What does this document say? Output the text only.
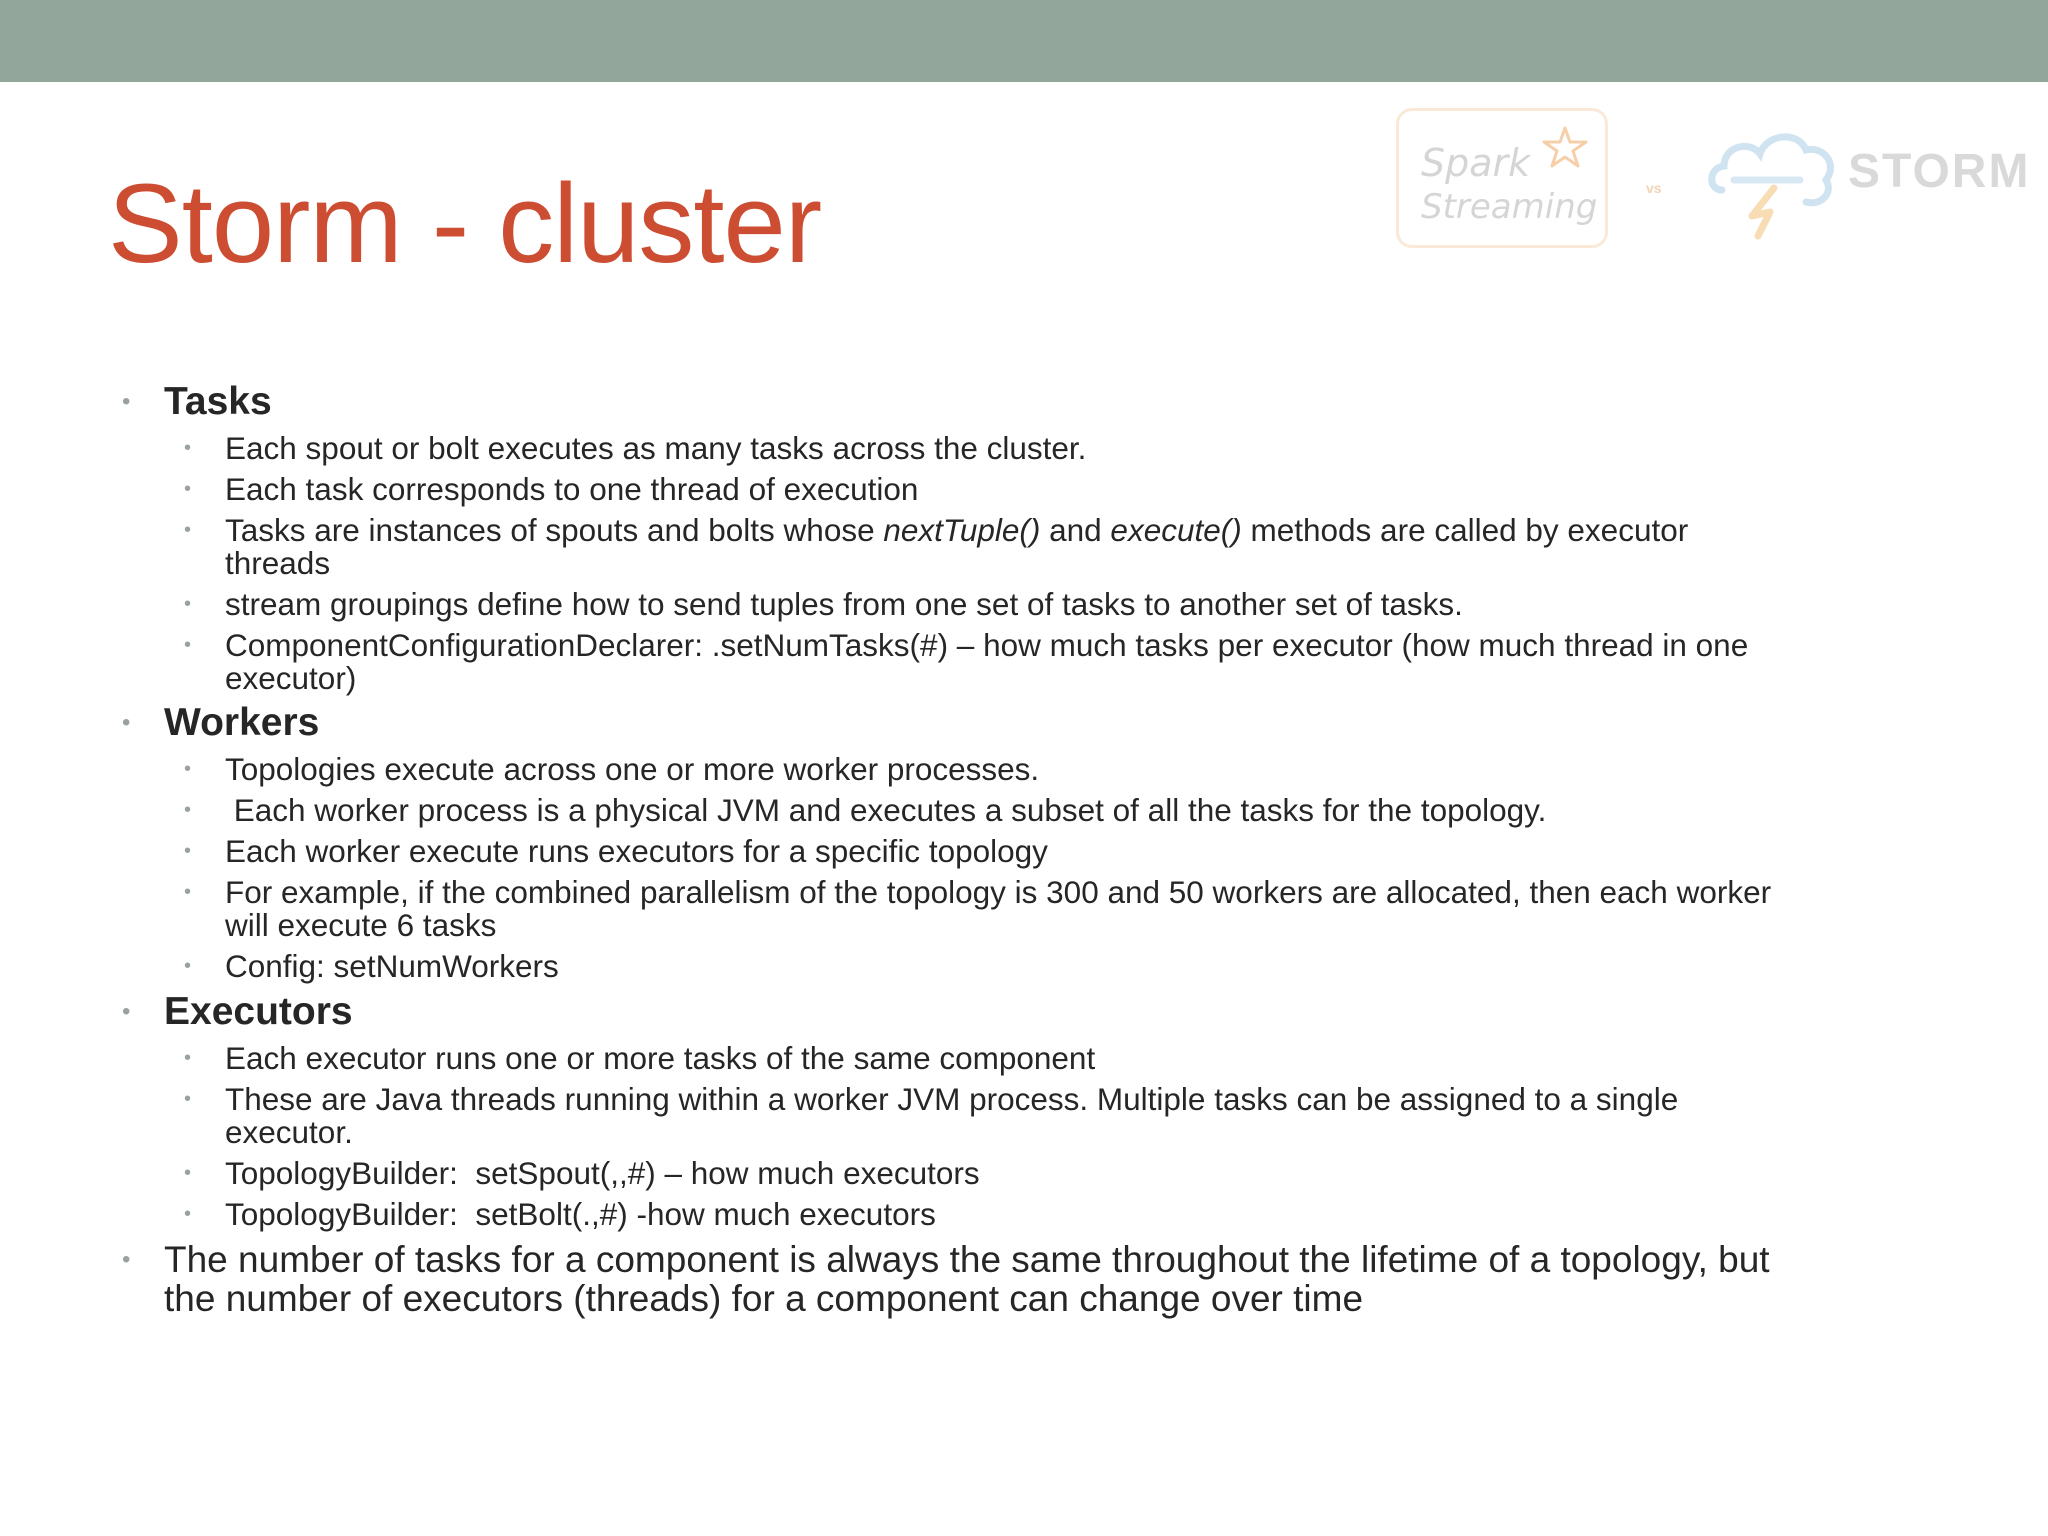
Storm - cluster	Spark
Streaming	vs	STORM
• Tasks
• Each spout or bolt executes as many tasks across the cluster.
• Each task corresponds to one thread of execution
• Tasks are instances of spouts and bolts whose nextTuple() and execute() methods are called by executor
threads
• stream groupings define how to send tuples from one set of tasks to another set of tasks.
• ComponentConfigurationDeclarer: .setNumTasks(#) – how much tasks per executor (how much thread in one
executor)
• Workers
• Topologies execute across one or more worker processes.
• Each worker process is a physical JVM and executes a subset of all the tasks for the topology.
• Each worker execute runs executors for a specific topology
• For example, if the combined parallelism of the topology is 300 and 50 workers are allocated, then each worker
will execute 6 tasks
• Config: setNumWorkers
• Executors
• Each executor runs one or more tasks of the same component
• These are Java threads running within a worker JVM process. Multiple tasks can be assigned to a single
executor.
• TopologyBuilder:  setSpout(,,#) – how much executors
• TopologyBuilder:  setBolt(.,#) -how much executors
• The number of tasks for a component is always the same throughout the lifetime of a topology, but
the number of executors (threads) for a component can change over time
